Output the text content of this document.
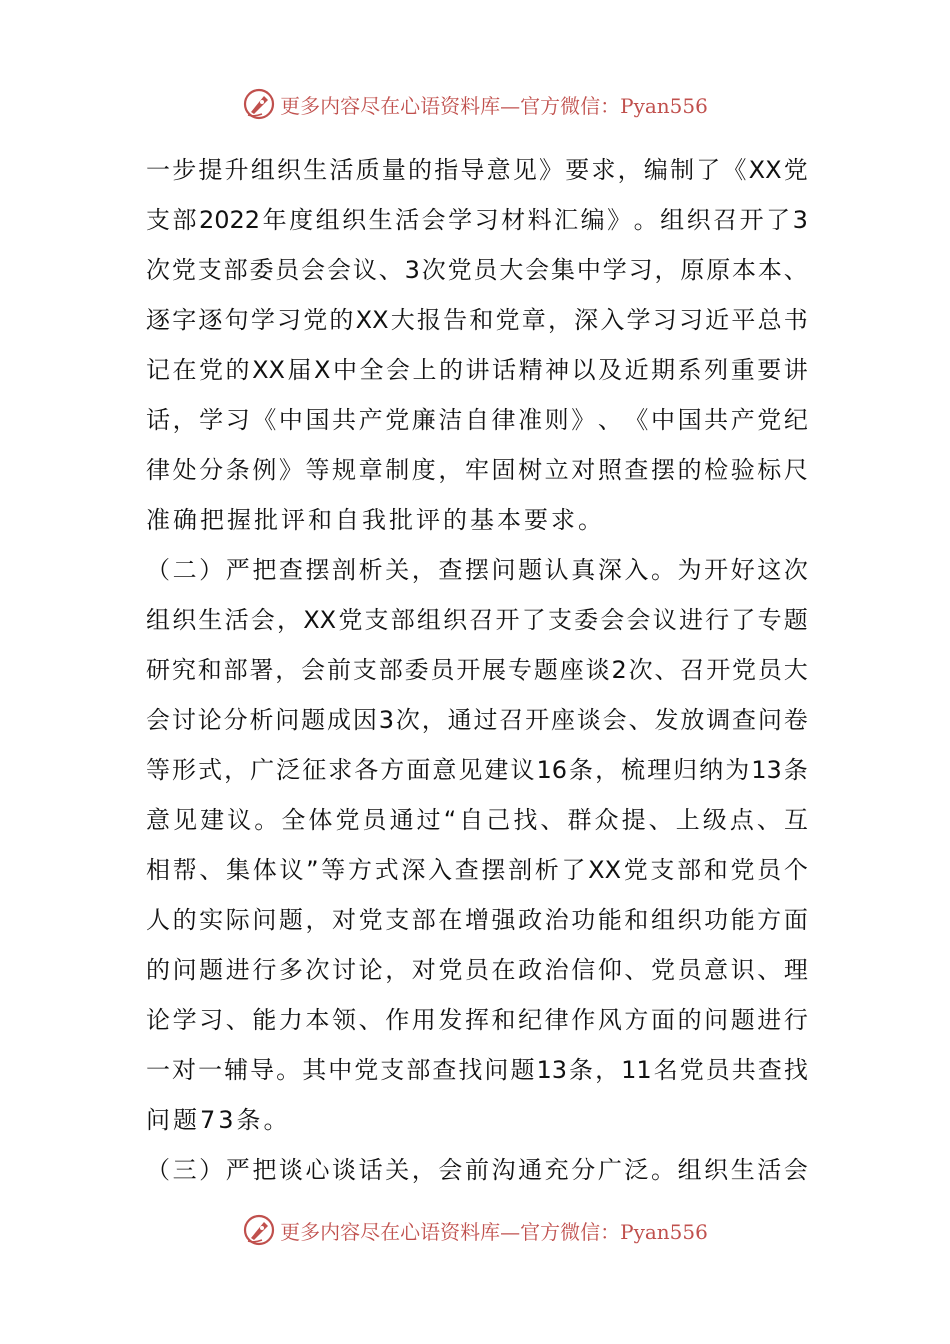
更多内容尽在心语资料库—官方微信：Pyan556
一 步 提 升 组 织 生 活 质 量 的 指 导 意 见 》 要 求 ， 编 制 了 《 XX 党
支 部 2022 年 度 组 织 生 活 会 学 习 材 料 汇 编 》 。 组 织 召 开 了 3
次 党 支 部 委 员 会 会 议 、 3 次 党 员 大 会 集 中 学 习 ， 原 原 本 本 、
逐 字 逐 句 学 习 党 的 XX 大 报 告 和 党 章 ， 深 入 学 习 习 近 平 总 书
记 在 党 的 XX 届 X 中 全 会 上 的 讲 话 精 神 以 及 近 期 系 列 重 要 讲
话 ， 学 习 《 中 国 共 产 党 廉 洁 自 律 准 则 》 、 《 中 国 共 产 党 纪
律 处 分 条 例 》 等 规 章 制 度 ， 牢 固 树 立 对 照 查 摆 的 检 验 标 尺
准确把握批评和自我批评的基本要求。
（ 二 ） 严 把 查 摆 剖 析 关 ， 查 摆 问 题 认 真 深 入 。 为 开 好 这 次
组 织 生 活 会 ， XX 党 支 部 组 织 召 开 了 支 委 会 会 议 进 行 了 专 题
研 究 和 部 署 ， 会 前 支 部 委 员 开 展 专 题 座 谈 2 次 、 召 开 党 员 大
会 讨 论 分 析 问 题 成 因 3 次 ， 通 过 召 开 座 谈 会 、 发 放 调 查 问 卷
等 形 式 ， 广 泛 征 求 各 方 面 意 见 建 议 16 条 ， 梳 理 归 纳 为 13 条
意 见 建 议 。 全 体 党 员 通 过 “ 自 己 找 、 群 众 提 、 上 级 点 、 互
相 帮 、 集 体 议 ” 等 方 式 深 入 查 摆 剖 析 了 XX 党 支 部 和 党 员 个
人 的 实 际 问 题 ， 对 党 支 部 在 增 强 政 治 功 能 和 组 织 功 能 方 面
的 问 题 进 行 多 次 讨 论 ， 对 党 员 在 政 治 信 仰 、 党 员 意 识 、 理
论 学 习 、 能 力 本 领 、 作 用 发 挥 和 纪 律 作 风 方 面 的 问 题 进 行
一 对 一 辅 导 。 其 中 党 支 部 查 找 问 题 13 条 ， 11 名 党 员 共 查 找
问题73条。
（ 三 ） 严 把 谈 心 谈 话 关 ， 会 前 沟 通 充 分 广 泛 。 组 织 生 活 会
更多内容尽在心语资料库—官方微信：Pyan556
